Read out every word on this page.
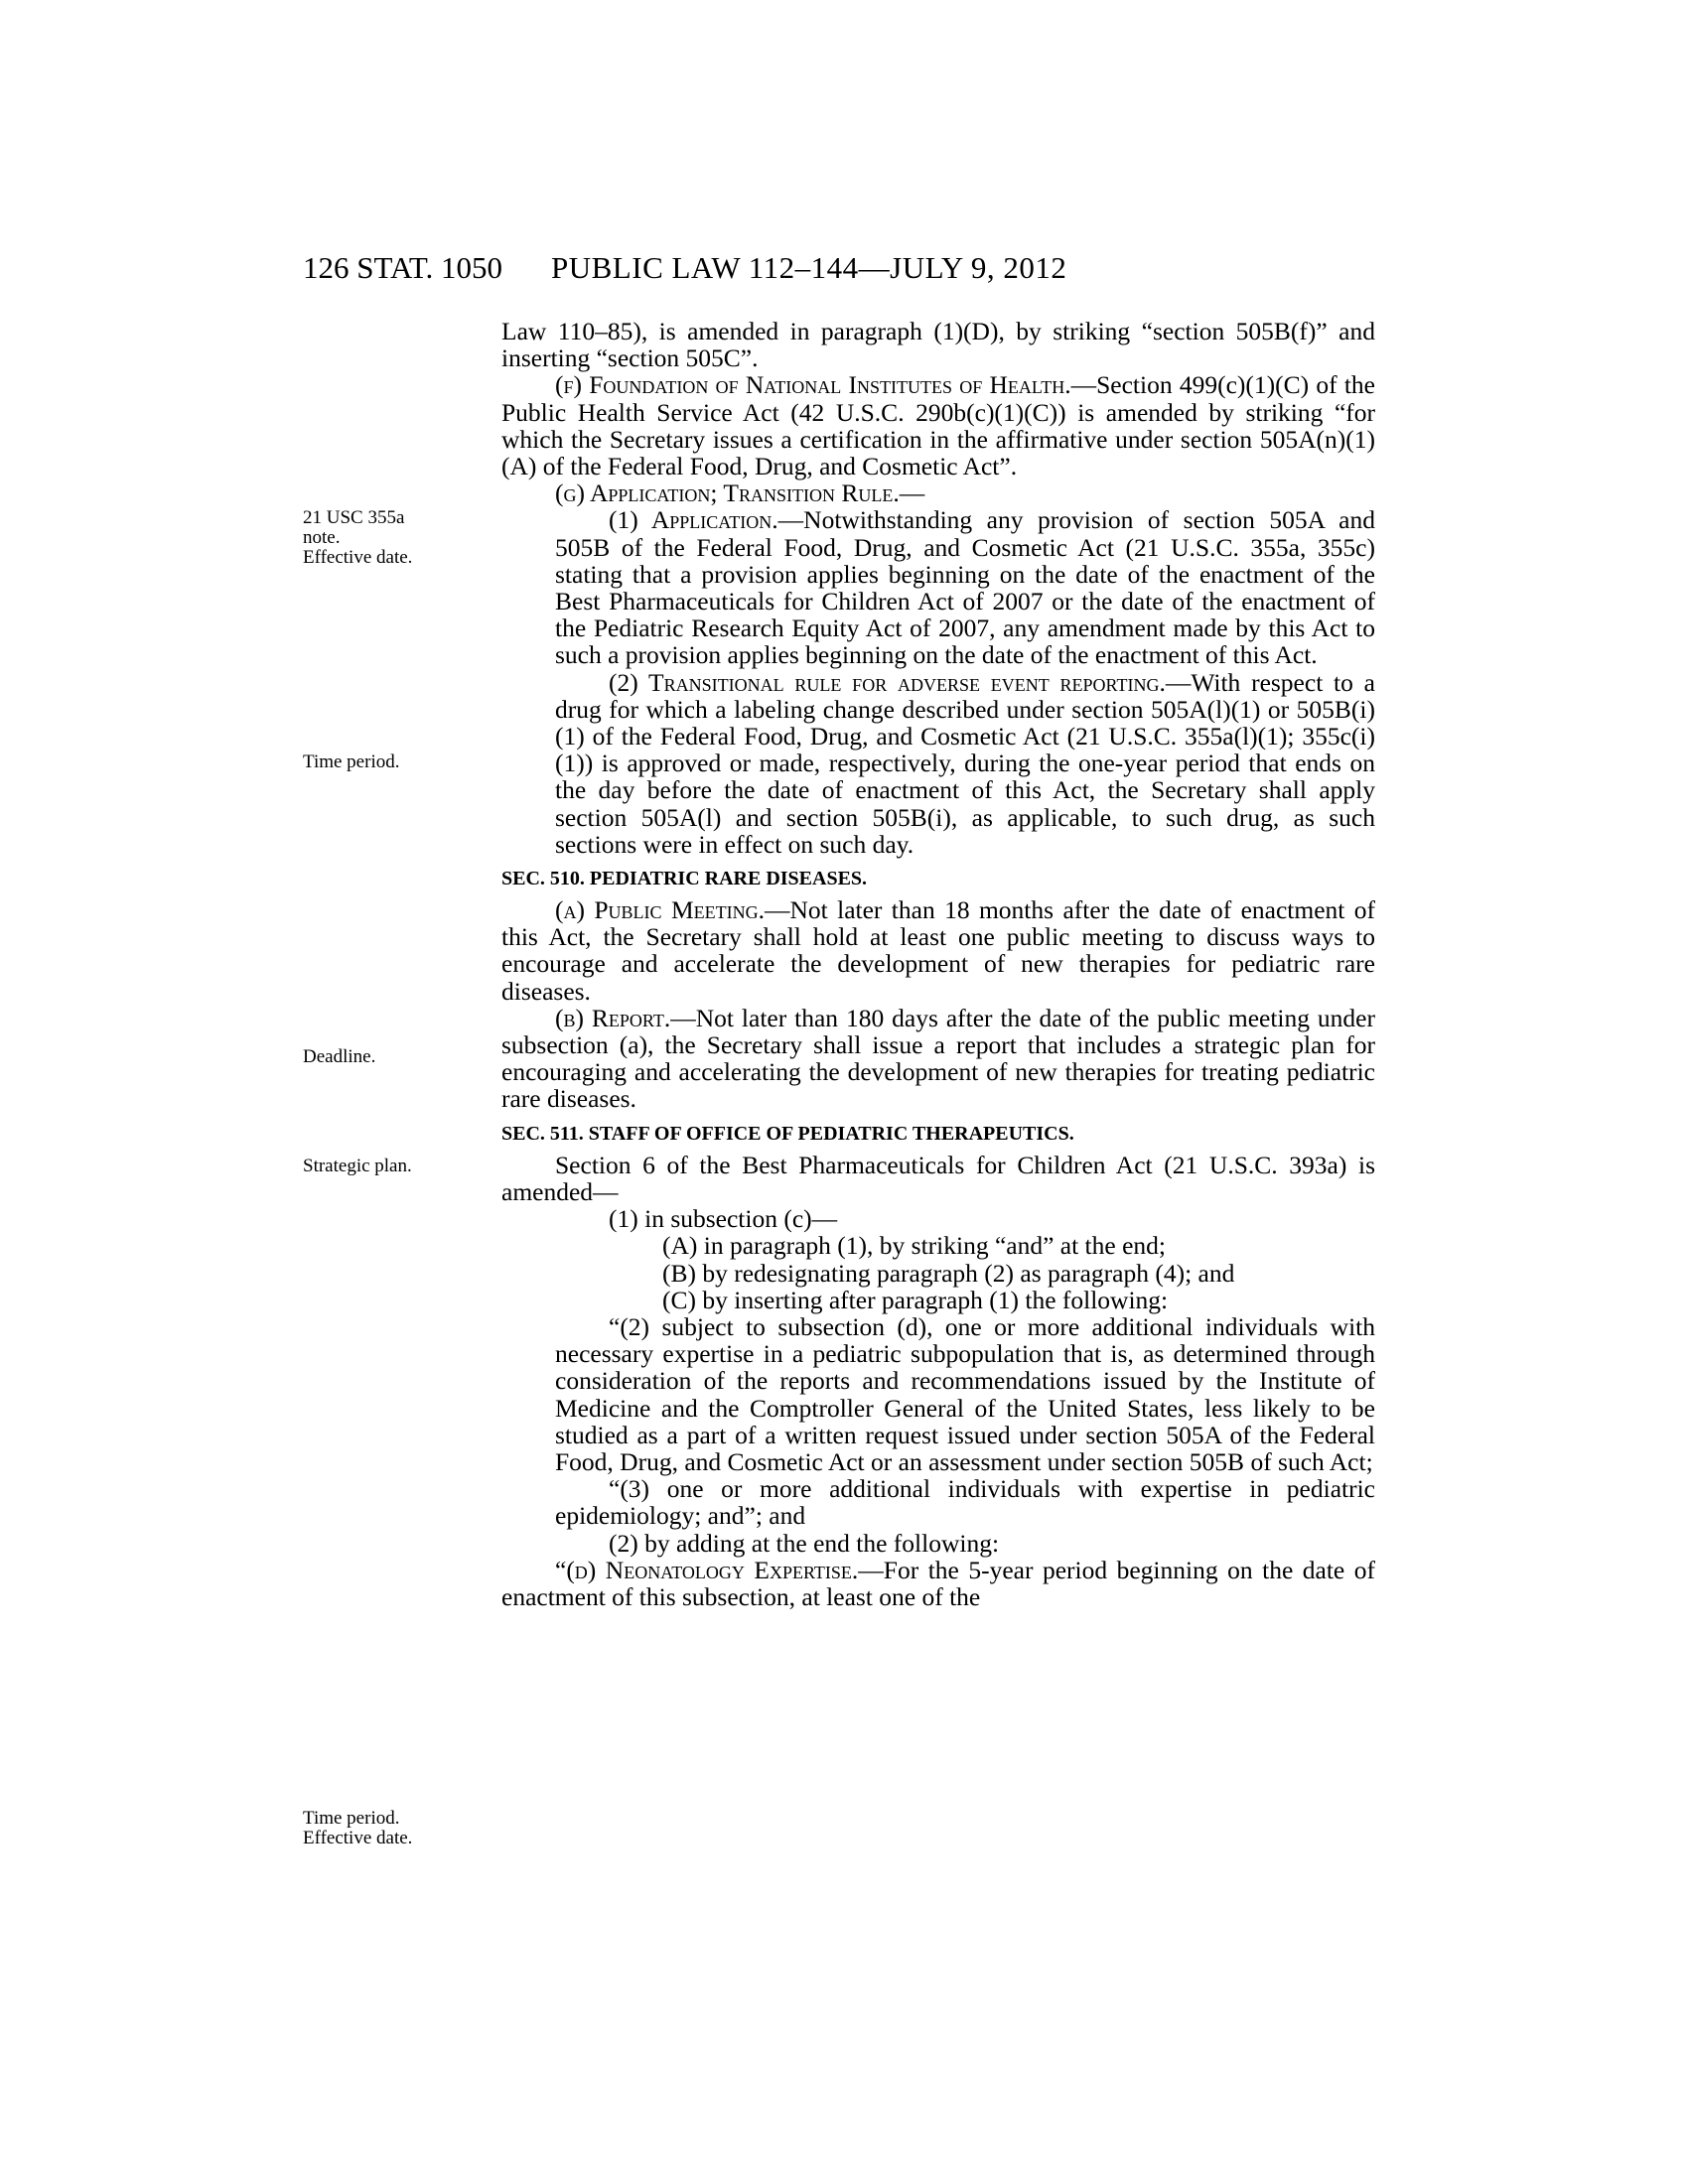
126 STAT. 1050 PUBLIC LAW 112–144—JULY 9, 2012
21 USC 355a
note.
Effective date.
Time period.
Deadline.
Strategic plan.
Time period.
Effective date.

Law 110–85), is amended in paragraph (1)(D), by striking “section 505B(f)” and inserting “section 505C”.

(f) Foundation of National Institutes of Health.—Section 499(c)(1)(C) of the Public Health Service Act (42 U.S.C. 290b(c)(1)(C)) is amended by striking “for which the Secretary issues a certification in the affirmative under section 505A(n)(1)(A) of the Federal Food, Drug, and Cosmetic Act”.

(g) Application; Transition Rule.—

(1) Application.—Notwithstanding any provision of section 505A and 505B of the Federal Food, Drug, and Cosmetic Act (21 U.S.C. 355a, 355c) stating that a provision applies beginning on the date of the enactment of the Best Pharmaceuticals for Children Act of 2007 or the date of the enactment of the Pediatric Research Equity Act of 2007, any amendment made by this Act to such a provision applies beginning on the date of the enactment of this Act.

(2) Transitional rule for adverse event reporting.—With respect to a drug for which a labeling change described under section 505A(l)(1) or 505B(i)(1) of the Federal Food, Drug, and Cosmetic Act (21 U.S.C. 355a(l)(1); 355c(i)(1)) is approved or made, respectively, during the one-year period that ends on the day before the date of enactment of this Act, the Secretary shall apply section 505A(l) and section 505B(i), as applicable, to such drug, as such sections were in effect on such day.

SEC. 510. PEDIATRIC RARE DISEASES.

(a) Public Meeting.—Not later than 18 months after the date of enactment of this Act, the Secretary shall hold at least one public meeting to discuss ways to encourage and accelerate the development of new therapies for pediatric rare diseases.

(b) Report.—Not later than 180 days after the date of the public meeting under subsection (a), the Secretary shall issue a report that includes a strategic plan for encouraging and accelerating the development of new therapies for treating pediatric rare diseases.

SEC. 511. STAFF OF OFFICE OF PEDIATRIC THERAPEUTICS.

Section 6 of the Best Pharmaceuticals for Children Act (21 U.S.C. 393a) is amended—

(1) in subsection (c)—

(A) in paragraph (1), by striking “and” at the end;

(B) by redesignating paragraph (2) as paragraph (4); and

(C) by inserting after paragraph (1) the following:

“(2) subject to subsection (d), one or more additional individuals with necessary expertise in a pediatric subpopulation that is, as determined through consideration of the reports and recommendations issued by the Institute of Medicine and the Comptroller General of the United States, less likely to be studied as a part of a written request issued under section 505A of the Federal Food, Drug, and Cosmetic Act or an assessment under section 505B of such Act;

“(3) one or more additional individuals with expertise in pediatric epidemiology; and”; and

(2) by adding at the end the following:

“(d) Neonatology Expertise.—For the 5-year period beginning on the date of enactment of this subsection, at least one of the
